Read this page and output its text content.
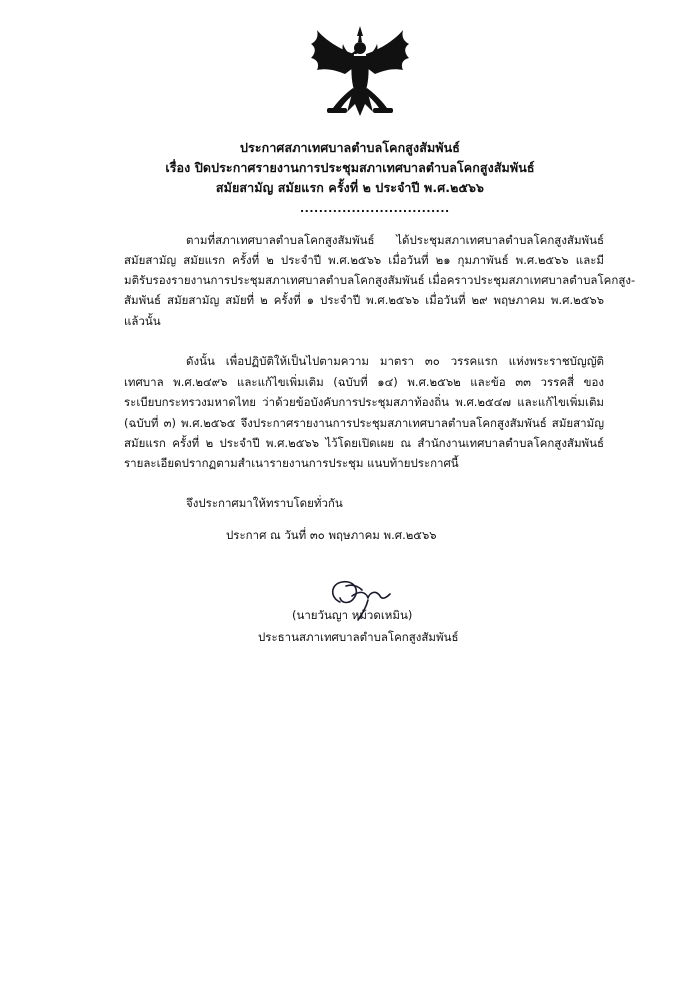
ประกาศสภาเทศบาลตำบลโคกสูงสัมพันธ์
เรื่อง ปิดประกาศรายงานการประชุมสภาเทศบาลตำบลโคกสูงสัมพันธ์
สมัยสามัญ สมัยแรก ครั้งที่ ๒ ประจำปี พ.ศ.๒๕๖๖
................................
ตามที่สภาเทศบาลตำบลโคกสูงสัมพันธ์ ได้ประชุมสภาเทศบาลตำบลโคกสูงสัมพันธ์
สมัยสามัญ สมัยแรก ครั้งที่ ๒ ประจำปี พ.ศ.๒๕๖๖ เมื่อวันที่ ๒๑ กุมภาพันธ์ พ.ศ.๒๕๖๖ และมี
มติรับรองรายงานการประชุมสภาเทศบาลตำบลโคกสูงสัมพันธ์ เมื่อคราวประชุมสภาเทศบาลตำบลโคกสูง-
สัมพันธ์ สมัยสามัญ สมัยที่ ๒ ครั้งที่ ๑ ประจำปี พ.ศ.๒๕๖๖ เมื่อวันที่ ๒๙ พฤษภาคม พ.ศ.๒๕๖๖
แล้วนั้น
ดังนั้น เพื่อปฏิบัติให้เป็นไปตามความ มาตรา ๓๐ วรรคแรก แห่งพระราชบัญญัติ
เทศบาล พ.ศ.๒๔๙๖ และแก้ไขเพิ่มเติม (ฉบับที่ ๑๔) พ.ศ.๒๕๖๒ และข้อ ๓๓ วรรคสี่ ของ
ระเบียบกระทรวงมหาดไทย ว่าด้วยข้อบังคับการประชุมสภาท้องถิ่น พ.ศ.๒๕๔๗ และแก้ไขเพิ่มเติม
(ฉบับที่ ๓) พ.ศ.๒๕๖๕ จึงประกาศรายงานการประชุมสภาเทศบาลตำบลโคกสูงสัมพันธ์ สมัยสามัญ
สมัยแรก ครั้งที่ ๒ ประจำปี พ.ศ.๒๕๖๖ ไว้โดยเปิดเผย ณ สำนักงานเทศบาลตำบลโคกสูงสัมพันธ์
รายละเอียดปรากฏตามสำเนารายงานการประชุม แนบท้ายประกาศนี้
จึงประกาศมาให้ทราบโดยทั่วกัน
ประกาศ ณ วันที่ ๓๐ พฤษภาคม พ.ศ.๒๕๖๖
(นายวันญา หม้วดเหมิน)
ประธานสภาเทศบาลตำบลโคกสูงสัมพันธ์
